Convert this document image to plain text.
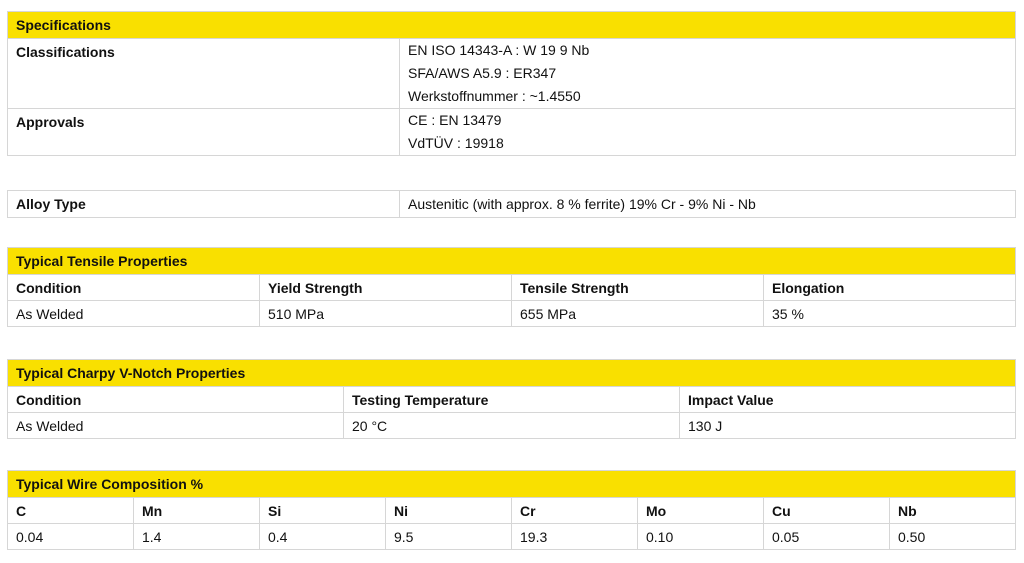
Specifications	
Classifications	EN ISO 14343-A : W 19 9 Nb
SFA/AWS A5.9 : ER347
Werkstoffnummer : ~1.4550

Approvals	CE : EN 13479
VdTÜV : 19918
Alloy Type	Austenitic (with approx. 8 % ferrite) 19% Cr - 9% Ni - Nb
Typical Tensile Properties			
Condition	Yield Strength	Tensile Strength	Elongation
As Welded	510 MPa	655 MPa	35 %
Typical Charpy V-Notch Properties		
Condition	Testing Temperature	Impact Value
As Welded	20 °C	130 J
Typical Wire Composition %							
C	Mn	Si	Ni	Cr	Mo	Cu	Nb
0.04	1.4	0.4	9.5	19.3	0.10	0.05	0.50
